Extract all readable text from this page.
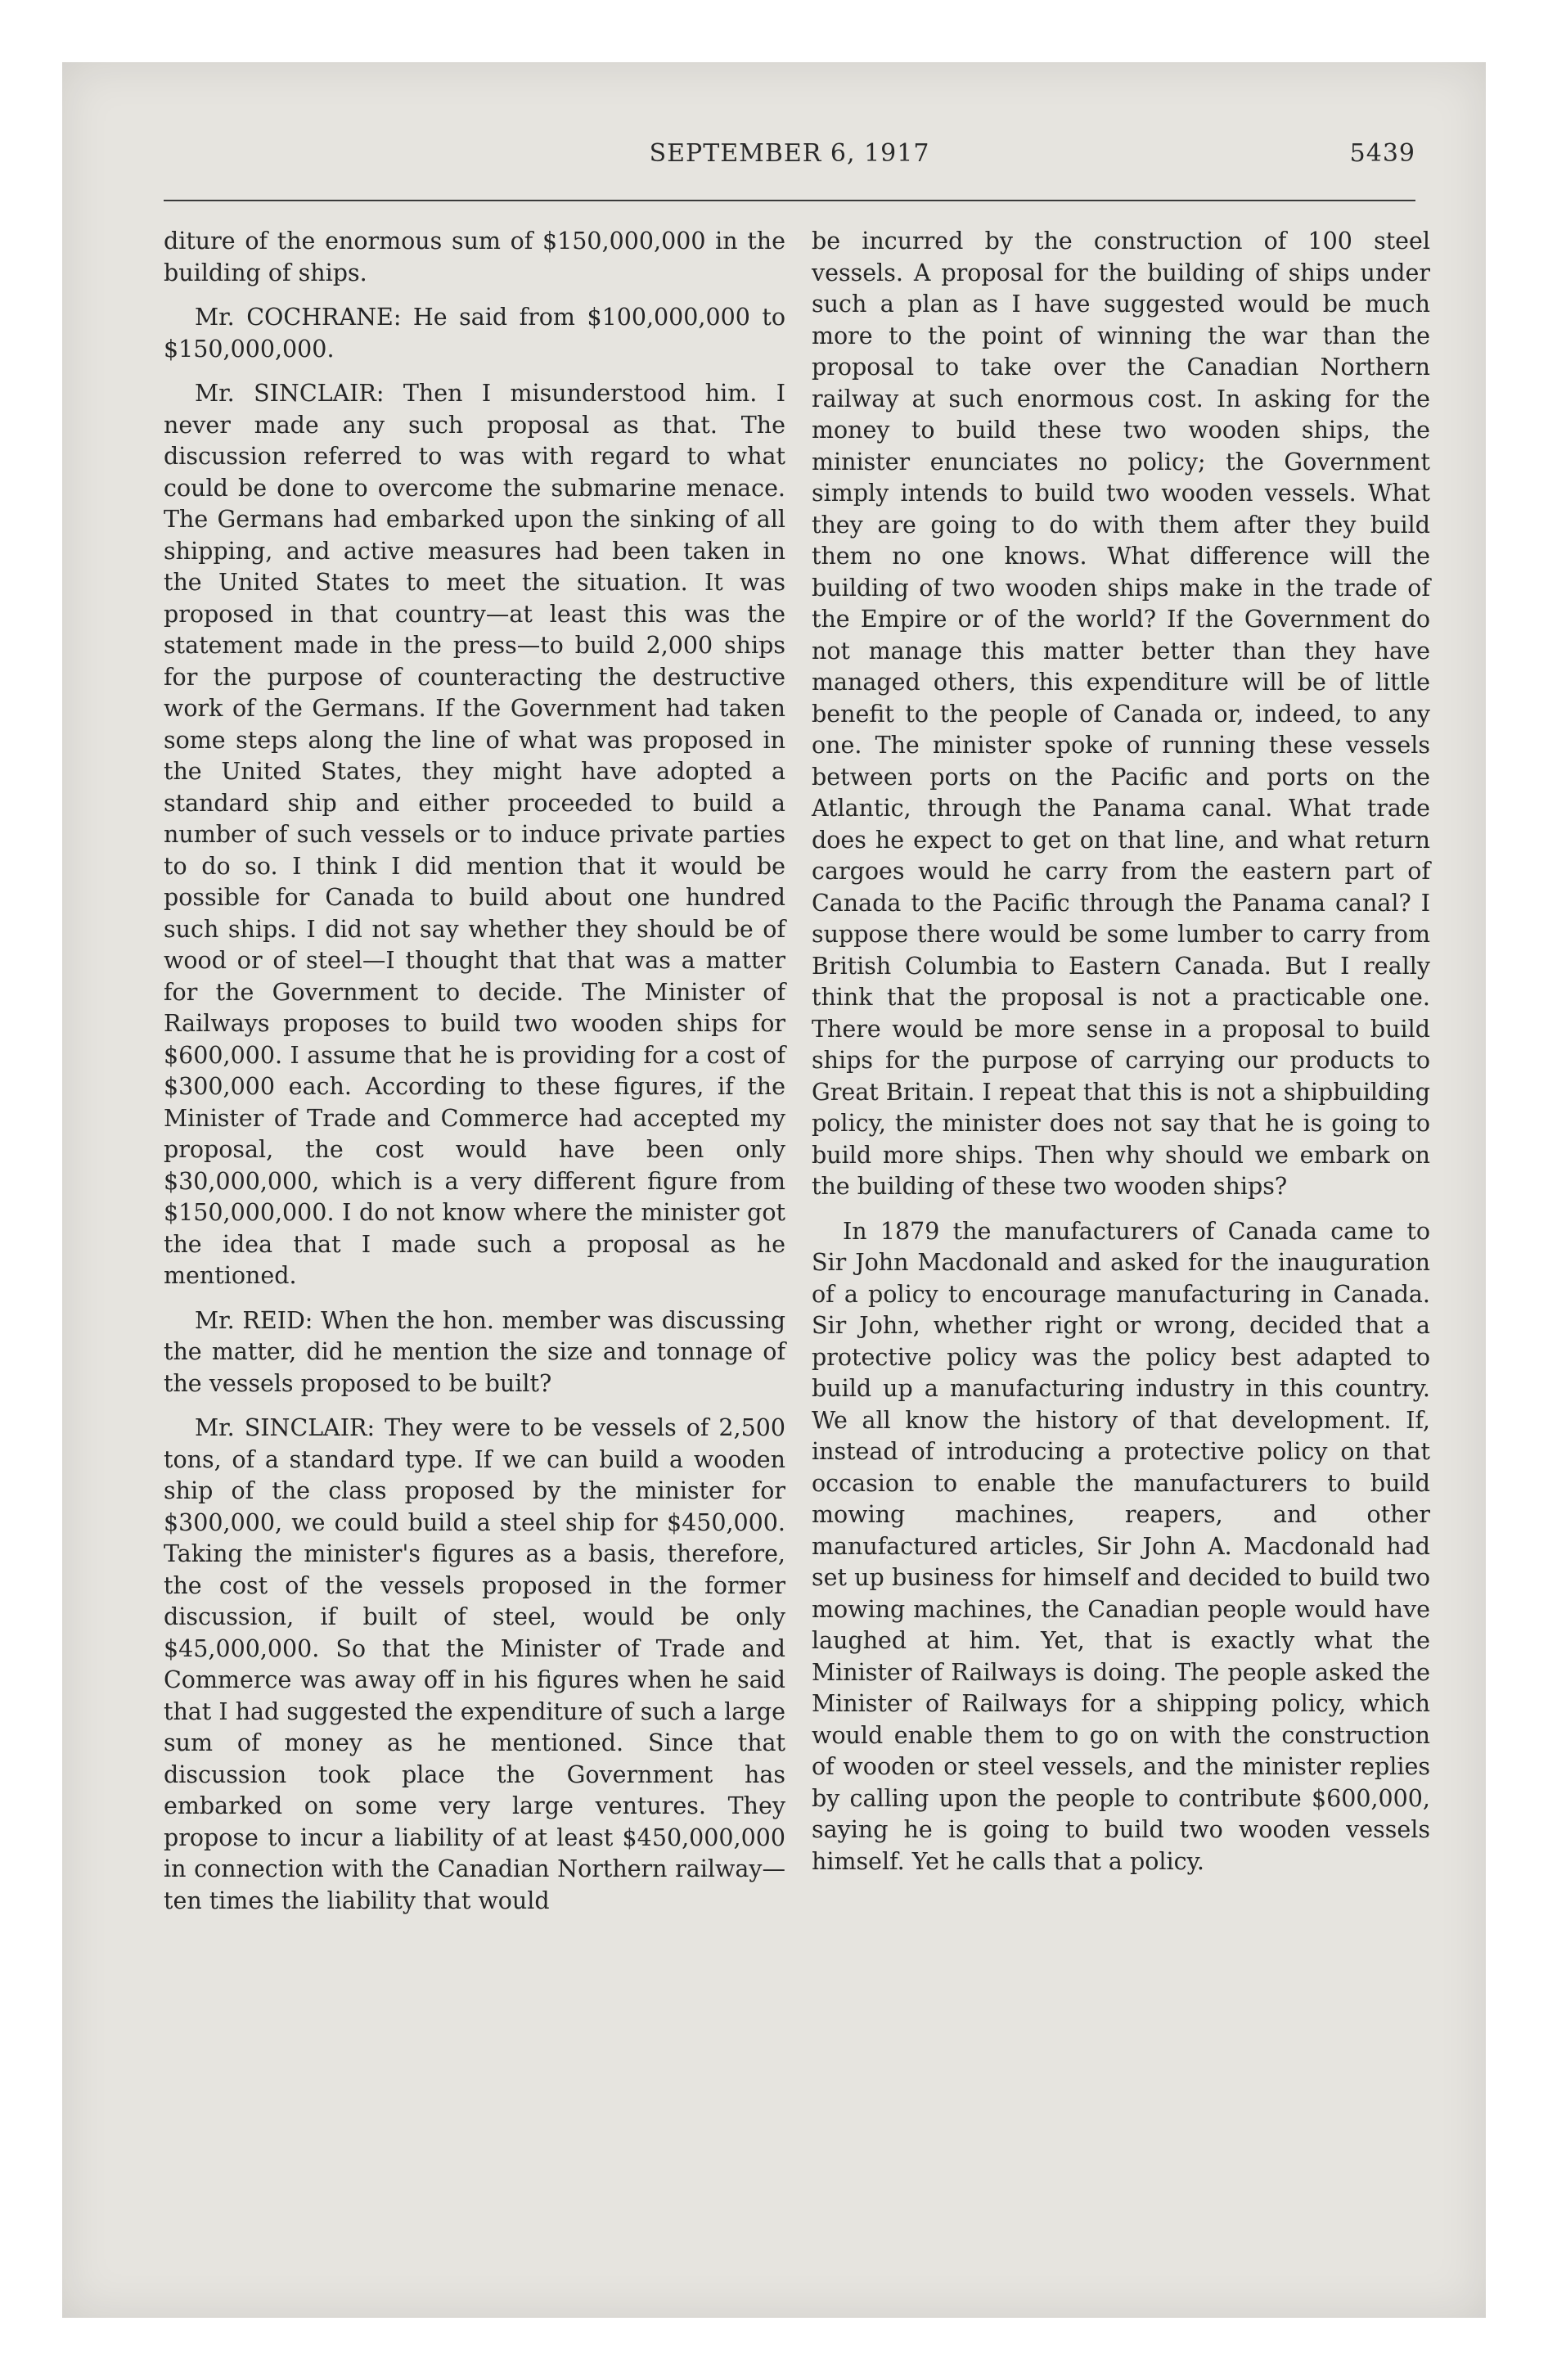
SEPTEMBER 6, 1917	5439

diture of the enormous sum of $150,000,000 in the building of ships.

Mr. COCHRANE: He said from $100,000,000 to $150,000,000.

Mr. SINCLAIR: Then I misunderstood him. I never made any such proposal as that. The discussion referred to was with regard to what could be done to overcome the submarine menace. The Germans had embarked upon the sinking of all shipping, and active measures had been taken in the United States to meet the situation. It was proposed in that country—at least this was the statement made in the press—to build 2,000 ships for the purpose of counteracting the destructive work of the Germans. If the Government had taken some steps along the line of what was proposed in the United States, they might have adopted a standard ship and either proceeded to build a number of such vessels or to induce private parties to do so. I think I did mention that it would be possible for Canada to build about one hundred such ships. I did not say whether they should be of wood or of steel—I thought that that was a matter for the Government to decide. The Minister of Railways proposes to build two wooden ships for $600,000. I assume that he is providing for a cost of $300,000 each. According to these figures, if the Minister of Trade and Commerce had accepted my proposal, the cost would have been only $30,000,000, which is a very different figure from $150,000,000. I do not know where the minister got the idea that I made such a proposal as he mentioned.

Mr. REID: When the hon. member was discussing the matter, did he mention the size and tonnage of the vessels proposed to be built?

Mr. SINCLAIR: They were to be vessels of 2,500 tons, of a standard type. If we can build a wooden ship of the class proposed by the minister for $300,000, we could build a steel ship for $450,000. Taking the minister's figures as a basis, therefore, the cost of the vessels proposed in the former discussion, if built of steel, would be only $45,000,000. So that the Minister of Trade and Commerce was away off in his figures when he said that I had suggested the expenditure of such a large sum of money as he mentioned. Since that discussion took place the Government has embarked on some very large ventures. They propose to incur a liability of at least $450,000,000 in connection with the Canadian Northern railway—ten times the liability that would

be incurred by the construction of 100 steel vessels. A proposal for the building of ships under such a plan as I have suggested would be much more to the point of winning the war than the proposal to take over the Canadian Northern railway at such enormous cost. In asking for the money to build these two wooden ships, the minister enunciates no policy; the Government simply intends to build two wooden vessels. What they are going to do with them after they build them no one knows. What difference will the building of two wooden ships make in the trade of the Empire or of the world? If the Government do not manage this matter better than they have managed others, this expenditure will be of little benefit to the people of Canada or, indeed, to any one. The minister spoke of running these vessels between ports on the Pacific and ports on the Atlantic, through the Panama canal. What trade does he expect to get on that line, and what return cargoes would he carry from the eastern part of Canada to the Pacific through the Panama canal? I suppose there would be some lumber to carry from British Columbia to Eastern Canada. But I really think that the proposal is not a practicable one. There would be more sense in a proposal to build ships for the purpose of carrying our products to Great Britain. I repeat that this is not a shipbuilding policy, the minister does not say that he is going to build more ships. Then why should we embark on the building of these two wooden ships?

In 1879 the manufacturers of Canada came to Sir John Macdonald and asked for the inauguration of a policy to encourage manufacturing in Canada. Sir John, whether right or wrong, decided that a protective policy was the policy best adapted to build up a manufacturing industry in this country. We all know the history of that development. If, instead of introducing a protective policy on that occasion to enable the manufacturers to build mowing machines, reapers, and other manufactured articles, Sir John A. Macdonald had set up business for himself and decided to build two mowing machines, the Canadian people would have laughed at him. Yet, that is exactly what the Minister of Railways is doing. The people asked the Minister of Railways for a shipping policy, which would enable them to go on with the construction of wooden or steel vessels, and the minister replies by calling upon the people to contribute $600,000, saying he is going to build two wooden vessels himself. Yet he calls that a policy.
